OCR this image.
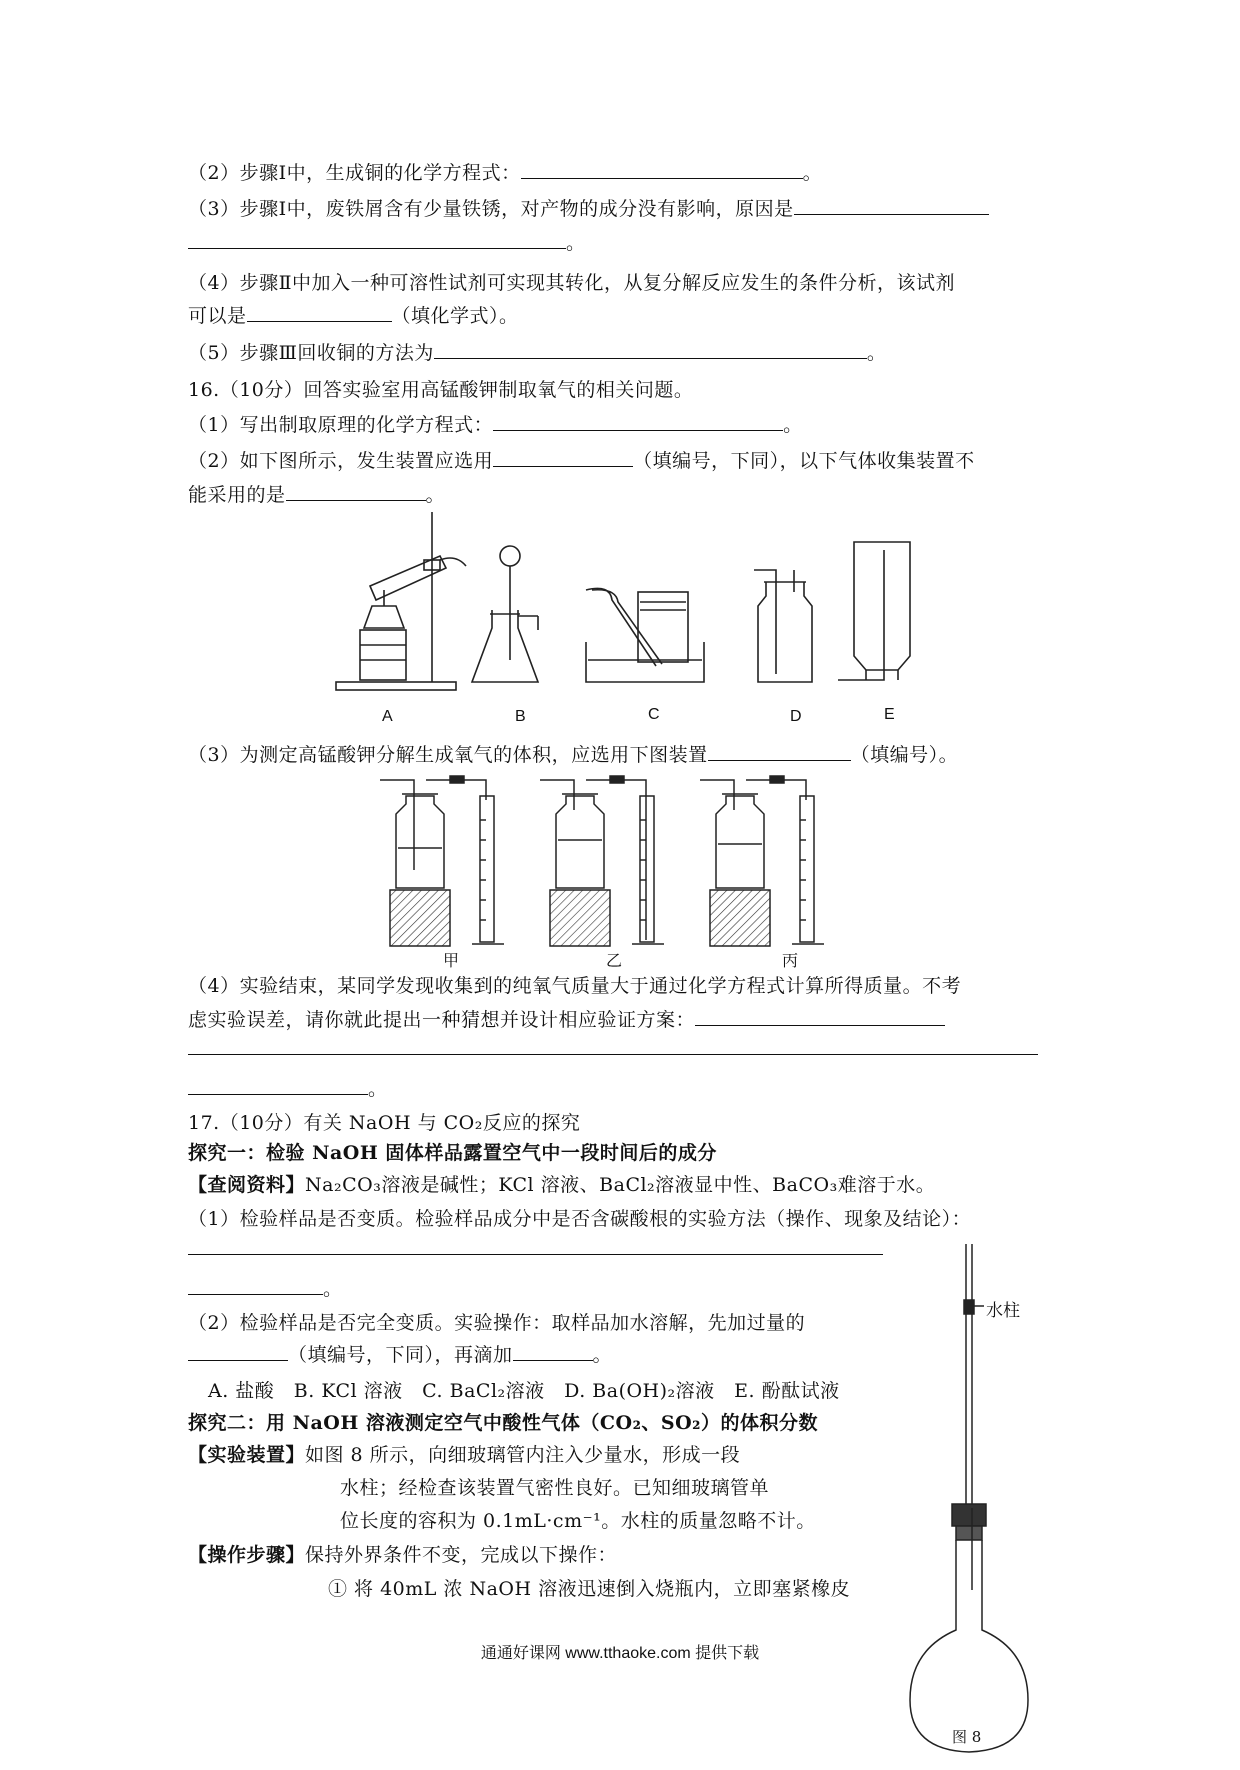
（2）步骤Ⅰ中，生成铜的化学方程式：	。
（3）步骤Ⅰ中，废铁屑含有少量铁锈，对产物的成分没有影响，原因是
。
（4）步骤Ⅱ中加入一种可溶性试剂可实现其转化，从复分解反应发生的条件分析，该试剂
可以是	（填化学式）。
（5）步骤Ⅲ回收铜的方法为	。
16.（10分）回答实验室用高锰酸钾制取氧气的相关问题。
（1）写出制取原理的化学方程式：	。
（2）如下图所示，发生装置应选用	（填编号，下同），以下气体收集装置不
能采用的是	。
A	B	C	D	E
（3）为测定高锰酸钾分解生成氧气的体积，应选用下图装置	（填编号）。
甲	乙	丙
（4）实验结束，某同学发现收集到的纯氧气质量大于通过化学方程式计算所得质量。不考
虑实验误差，请你就此提出一种猜想并设计相应验证方案：
。
17.（10分）有关 NaOH 与 CO₂反应的探究
探究一：检验 NaOH 固体样品露置空气中一段时间后的成分
【查阅资料】Na₂CO₃溶液是碱性；KCl 溶液、BaCl₂溶液显中性、BaCO₃难溶于水。
（1）检验样品是否变质。检验样品成分中是否含碳酸根的实验方法（操作、现象及结论）：
。
（2）检验样品是否完全变质。实验操作：取样品加水溶解，先加过量的
（填编号，下同），再滴加	。
A. 盐酸　B. KCl 溶液　C. BaCl₂溶液　D. Ba(OH)₂溶液　E. 酚酞试液
探究二：用 NaOH 溶液测定空气中酸性气体（CO₂、SO₂）的体积分数
【实验装置】如图 8 所示，向细玻璃管内注入少量水，形成一段
水柱；经检查该装置气密性良好。已知细玻璃管单
位长度的容积为 0.1mL·cm⁻¹。水柱的质量忽略不计。
【操作步骤】保持外界条件不变，完成以下操作：
① 将 40mL 浓 NaOH 溶液迅速倒入烧瓶内，立即塞紧橡皮
水柱
图 8
通通好课网 www.tthaoke.com 提供下载
